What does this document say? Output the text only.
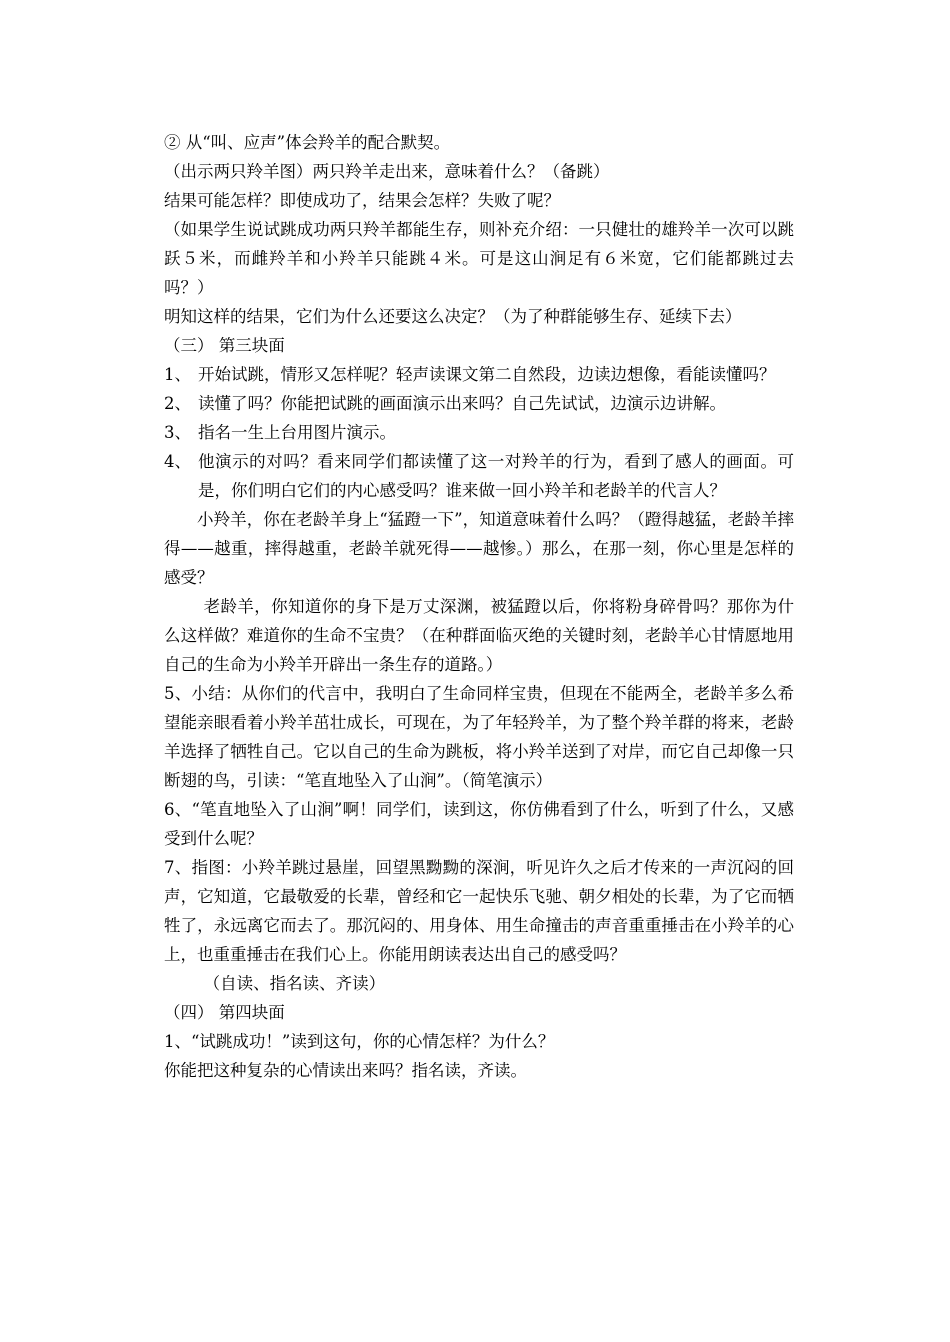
② 从“叫、应声”体会羚羊的配合默契。

（出示两只羚羊图）两只羚羊走出来，意味着什么？（备跳）

结果可能怎样？即使成功了，结果会怎样？失败了呢？

（如果学生说试跳成功两只羚羊都能生存，则补充介绍：一只健壮的雄羚羊一次可以跳跃５米，而雌羚羊和小羚羊只能跳４米。可是这山涧足有６米宽，它们能都跳过去吗？）

明知这样的结果，它们为什么还要这么决定？（为了种群能够生存、延续下去）

（三） 第三块面

1、 开始试跳，情形又怎样呢？轻声读课文第二自然段，边读边想像，看能读懂吗？
2、 读懂了吗？你能把试跳的画面演示出来吗？自己先试试，边演示边讲解。
3、 指名一生上台用图片演示。
4、 他演示的对吗？看来同学们都读懂了这一对羚羊的行为，看到了感人的画面。可是，你们明白它们的内心感受吗？谁来做一回小羚羊和老龄羊的代言人？

小羚羊，你在老龄羊身上“猛蹬一下”，知道意味着什么吗？（蹬得越猛，老龄羊摔得——越重，摔得越重，老龄羊就死得——越惨。）那么，在那一刻，你心里是怎样的感受？

老龄羊，你知道你的身下是万丈深渊，被猛蹬以后，你将粉身碎骨吗？那你为什么这样做？难道你的生命不宝贵？（在种群面临灭绝的关键时刻，老龄羊心甘情愿地用自己的生命为小羚羊开辟出一条生存的道路。）

5、小结：从你们的代言中，我明白了生命同样宝贵，但现在不能两全，老龄羊多么希望能亲眼看着小羚羊茁壮成长，可现在，为了年轻羚羊，为了整个羚羊群的将来，老龄羊选择了牺牲自己。它以自己的生命为跳板，将小羚羊送到了对岸，而它自己却像一只断翅的鸟，引读：“笔直地坠入了山涧”。（简笔演示）

6、“笔直地坠入了山涧”啊！同学们，读到这，你仿佛看到了什么，听到了什么，又感受到什么呢？

7、指图：小羚羊跳过悬崖，回望黑黝黝的深涧，听见许久之后才传来的一声沉闷的回声，它知道，它最敬爱的长辈，曾经和它一起快乐飞驰、朝夕相处的长辈，为了它而牺牲了，永远离它而去了。那沉闷的、用身体、用生命撞击的声音重重捶击在小羚羊的心上，也重重捶击在我们心上。你能用朗读表达出自己的感受吗？

（自读、指名读、齐读）

（四） 第四块面

1、“试跳成功！”读到这句，你的心情怎样？为什么？

你能把这种复杂的心情读出来吗？指名读，齐读。
